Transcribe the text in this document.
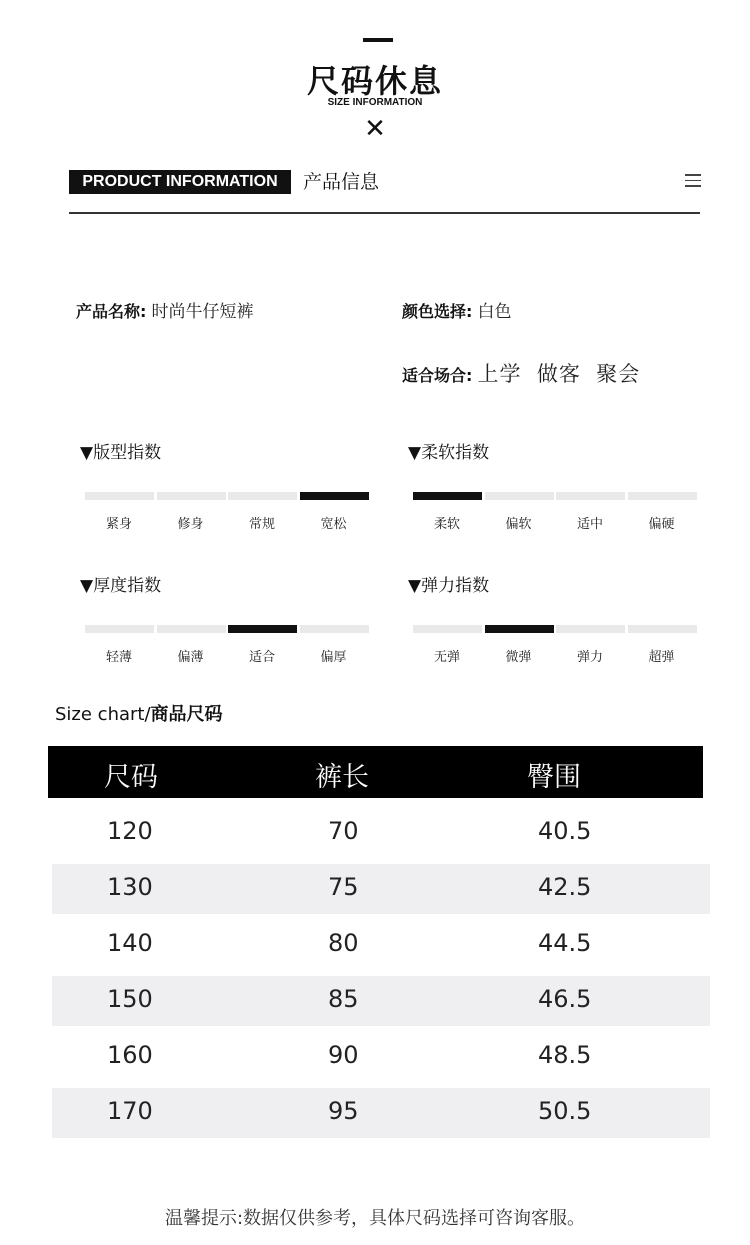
尺码休息
SIZE INFORMATION
✕
PRODUCT INFORMATION	产品信息
产品名称: 时尚牛仔短裤	颜色选择: 白色
适合场合: 上学  做客  聚会
▼版型指数
紧身	修身	常规	宽松
▼柔软指数
柔软	偏软	适中	偏硬
▼厚度指数
轻薄	偏薄	适合	偏厚
▼弹力指数
无弹	微弹	弹力	超弹
Size chart/商品尺码
尺码	裤长	臀围
120	70	40.5
130	75	42.5
140	80	44.5
150	85	46.5
160	90	48.5
170	95	50.5
温馨提示:数据仅供参考，具体尺码选择可咨询客服。
